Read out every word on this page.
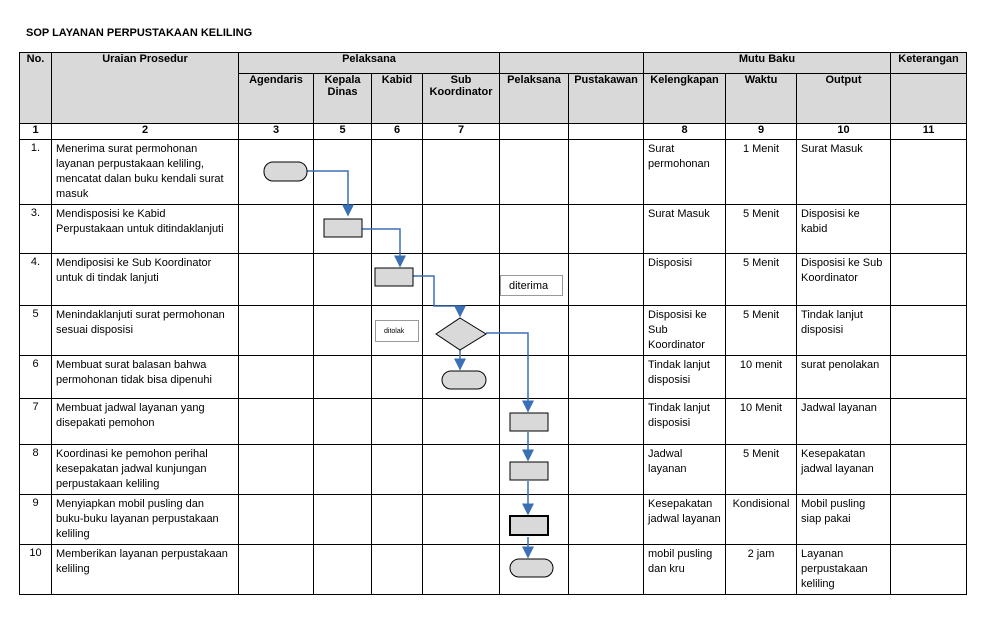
SOP LAYANAN PERPUSTAKAAN KELILING
No.	Uraian Prosedur	Pelaksana						Mutu Baku			Keterangan
		Agendaris	Kepala Dinas	Kabid	Sub Koordinator	Pelaksana	Pustakawan	Kelengkapan	Waktu	Output	
1	2	3	5	6	7			8	9	10	11
1.	Menerima surat permohonan layanan perpustakaan keliling, mencatat dalan buku kendali surat masuk							Surat permohonan	1 Menit	Surat Masuk	
3.	Mendisposisi ke Kabid Perpustakaan untuk ditindaklanjuti							Surat Masuk	5 Menit	Disposisi ke kabid	
4.	Mendiposisi ke Sub Koordinator untuk di tindak lanjuti							Disposisi	5 Menit	Disposisi ke Sub Koordinator	
5	Menindaklanjuti surat permohonan sesuai disposisi							Disposisi ke Sub Koordinator	5 Menit	Tindak lanjut disposisi	
6	Membuat surat balasan bahwa permohonan tidak bisa dipenuhi							Tindak lanjut disposisi	10 menit	surat penolakan	
7	Membuat jadwal layanan yang disepakati pemohon							Tindak lanjut disposisi	10 Menit	Jadwal layanan	
8	Koordinasi ke pemohon perihal kesepakatan jadwal kunjungan perpustakaan keliling							Jadwal layanan	5 Menit	Kesepakatan jadwal layanan	
9	Menyiapkan mobil pusling dan buku-buku layanan perpustakaan keliling							Kesepakatan jadwal layanan	Kondisional	Mobil pusling siap pakai	
10	Memberikan layanan perpustakaan keliling							mobil pusling dan kru	2 jam	Layanan perpustakaan keliling	
diterima
ditolak
